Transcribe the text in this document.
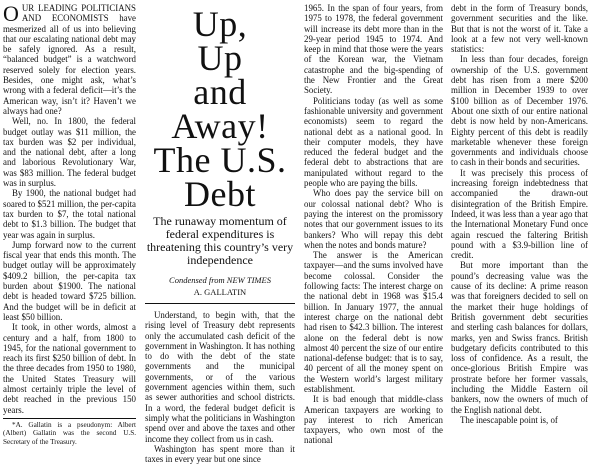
OUR LEADING POLITICIANS AND ECONOMISTS have mesmerized all of us into believing that our escalating national debt may be safely ignored. As a result, “balanced budget” is a watchword reserved solely for election years. Besides, one might ask, what’s wrong with a federal deficit—it’s the American way, isn’t it? Haven’t we always had one?

Well, no. In 1800, the federal budget outlay was $11 million, the tax burden was $2 per individual, and the national debt, after a long and laborious Revolutionary War, was $83 million. The federal budget was in surplus.

By 1900, the national budget had soared to $521 million, the per-capita tax burden to $7, the total national debt to $1.3 billion. The budget that year was again in surplus.

Jump forward now to the current fiscal year that ends this month. The budget outlay will be approximately $409.2 billion, the per-capita tax burden about $1900. The national debt is headed toward $725 billion. And the budget will be in deficit at least $50 billion.

It took, in other words, almost a century and a half, from 1800 to 1945, for the national government to reach its first $250 billion of debt. In the three decades from 1950 to 1980, the United States Treasury will almost certainly triple the level of debt reached in the previous 150 years.

*A. Gallatin is a pseudonym: Albert (Albert) Gallatin was the second U.S. Secretary of the Treasury.

Up,
Up
and Away!
The U.S.
Debt
The runaway momentum of federal expenditures is threatening this country’s very independence
Condensed from NEW TIMES
A. GALLATIN

Understand, to begin with, that the rising level of Treasury debt represents only the accumulated cash deficit of the government in Washington. It has nothing to do with the debt of the state governments and the municipal governments, or of the various government agencies within them, such as sewer authorities and school districts. In a word, the federal budget deficit is simply what the politicians in Washington spend over and above the taxes and other income they collect from us in cash.

Washington has spent more than it taxes in every year but one since

1965. In the span of four years, from 1975 to 1978, the federal government will increase its debt more than in the 29-year period 1945 to 1974. And keep in mind that those were the years of the Korean war, the Vietnam catastrophe and the big-spending of the New Frontier and the Great Society.

Politicians today (as well as some fashionable university and government economists) seem to regard the national debt as a national good. In their computer models, they have reduced the federal budget and the federal debt to abstractions that are manipulated without regard to the people who are paying the bills.

Who does pay the service bill on our colossal national debt? Who is paying the interest on the promissory notes that our government issues to its bankers? Who will repay this debt when the notes and bonds mature?

The answer is the American taxpayer—and the sums involved have become colossal. Consider the following facts: The interest charge on the national debt in 1968 was $15.4 billion. In January 1977, the annual interest charge on the national debt had risen to $42.3 billion. The interest alone on the federal debt is now almost 40 percent the size of our entire national-defense budget: that is to say, 40 percent of all the money spent on the Western world’s largest military establishment.

It is bad enough that middle-class American taxpayers are working to pay interest to rich American taxpayers, who own most of the national

debt in the form of Treasury bonds, government securities and the like. But that is not the worst of it. Take a look at a few not very well-known statistics:

In less than four decades, foreign ownership of the U.S. government debt has risen from a mere $200 million in December 1939 to over $100 billion as of December 1976. About one sixth of our entire national debt is now held by non-Americans. Eighty percent of this debt is readily marketable whenever these foreign governments and individuals choose to cash in their bonds and securities.

It was precisely this process of increasing foreign indebtedness that accompanied the drawn-out disintegration of the British Empire. Indeed, it was less than a year ago that the International Monetary Fund once again rescued the faltering British pound with a $3.9-billion line of credit.

But more important than the pound’s decreasing value was the cause of its decline: A prime reason was that foreigners decided to sell on the market their huge holdings of British government debt securities and sterling cash balances for dollars, marks, yen and Swiss francs. British budgetary deficits contributed to this loss of confidence. As a result, the once-glorious British Empire was prostrate before her former vassals, including the Middle Eastern oil bankers, now the owners of much of the English national debt.

The inescapable point is, of
